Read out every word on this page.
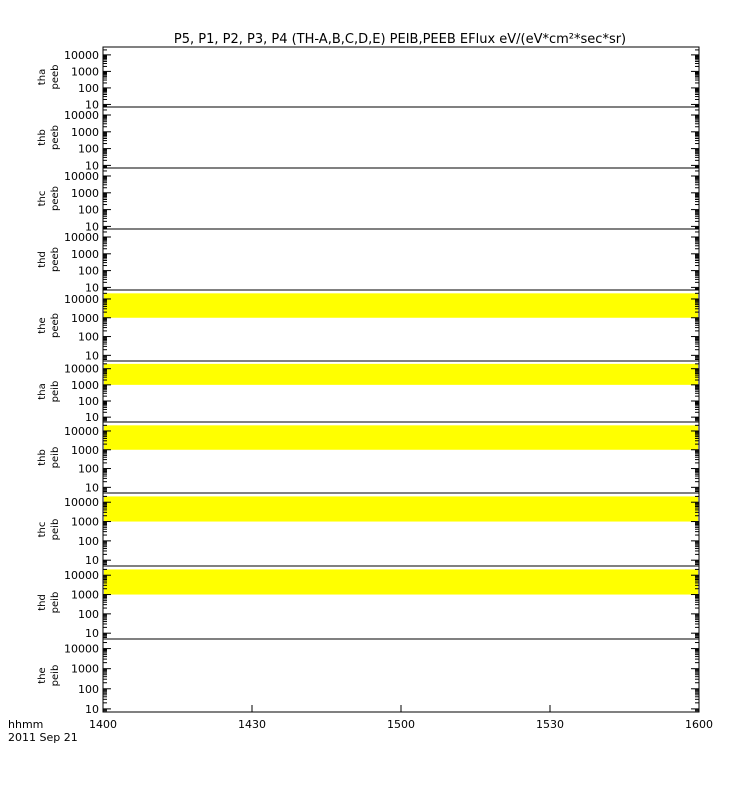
P5, P1, P2, P3, P4 (TH-A,B,C,D,E) PEIB,PEEB EFlux eV/(eV*cm²*sec*sr)
10
100
1000
10000
tha peeb
10
100
1000
10000
thb peeb
10
100
1000
10000
thc peeb
10
100
1000
10000
thd peeb
10
100
1000
10000
the peeb
10
100
1000
10000
tha peib
10
100
1000
10000
thb peib
10
100
1000
10000
thc peib
10
100
1000
10000
thd peib
10
100
1000
10000
the peib
1400	1430	1500	1530	1600
hhmm
2011 Sep 21
